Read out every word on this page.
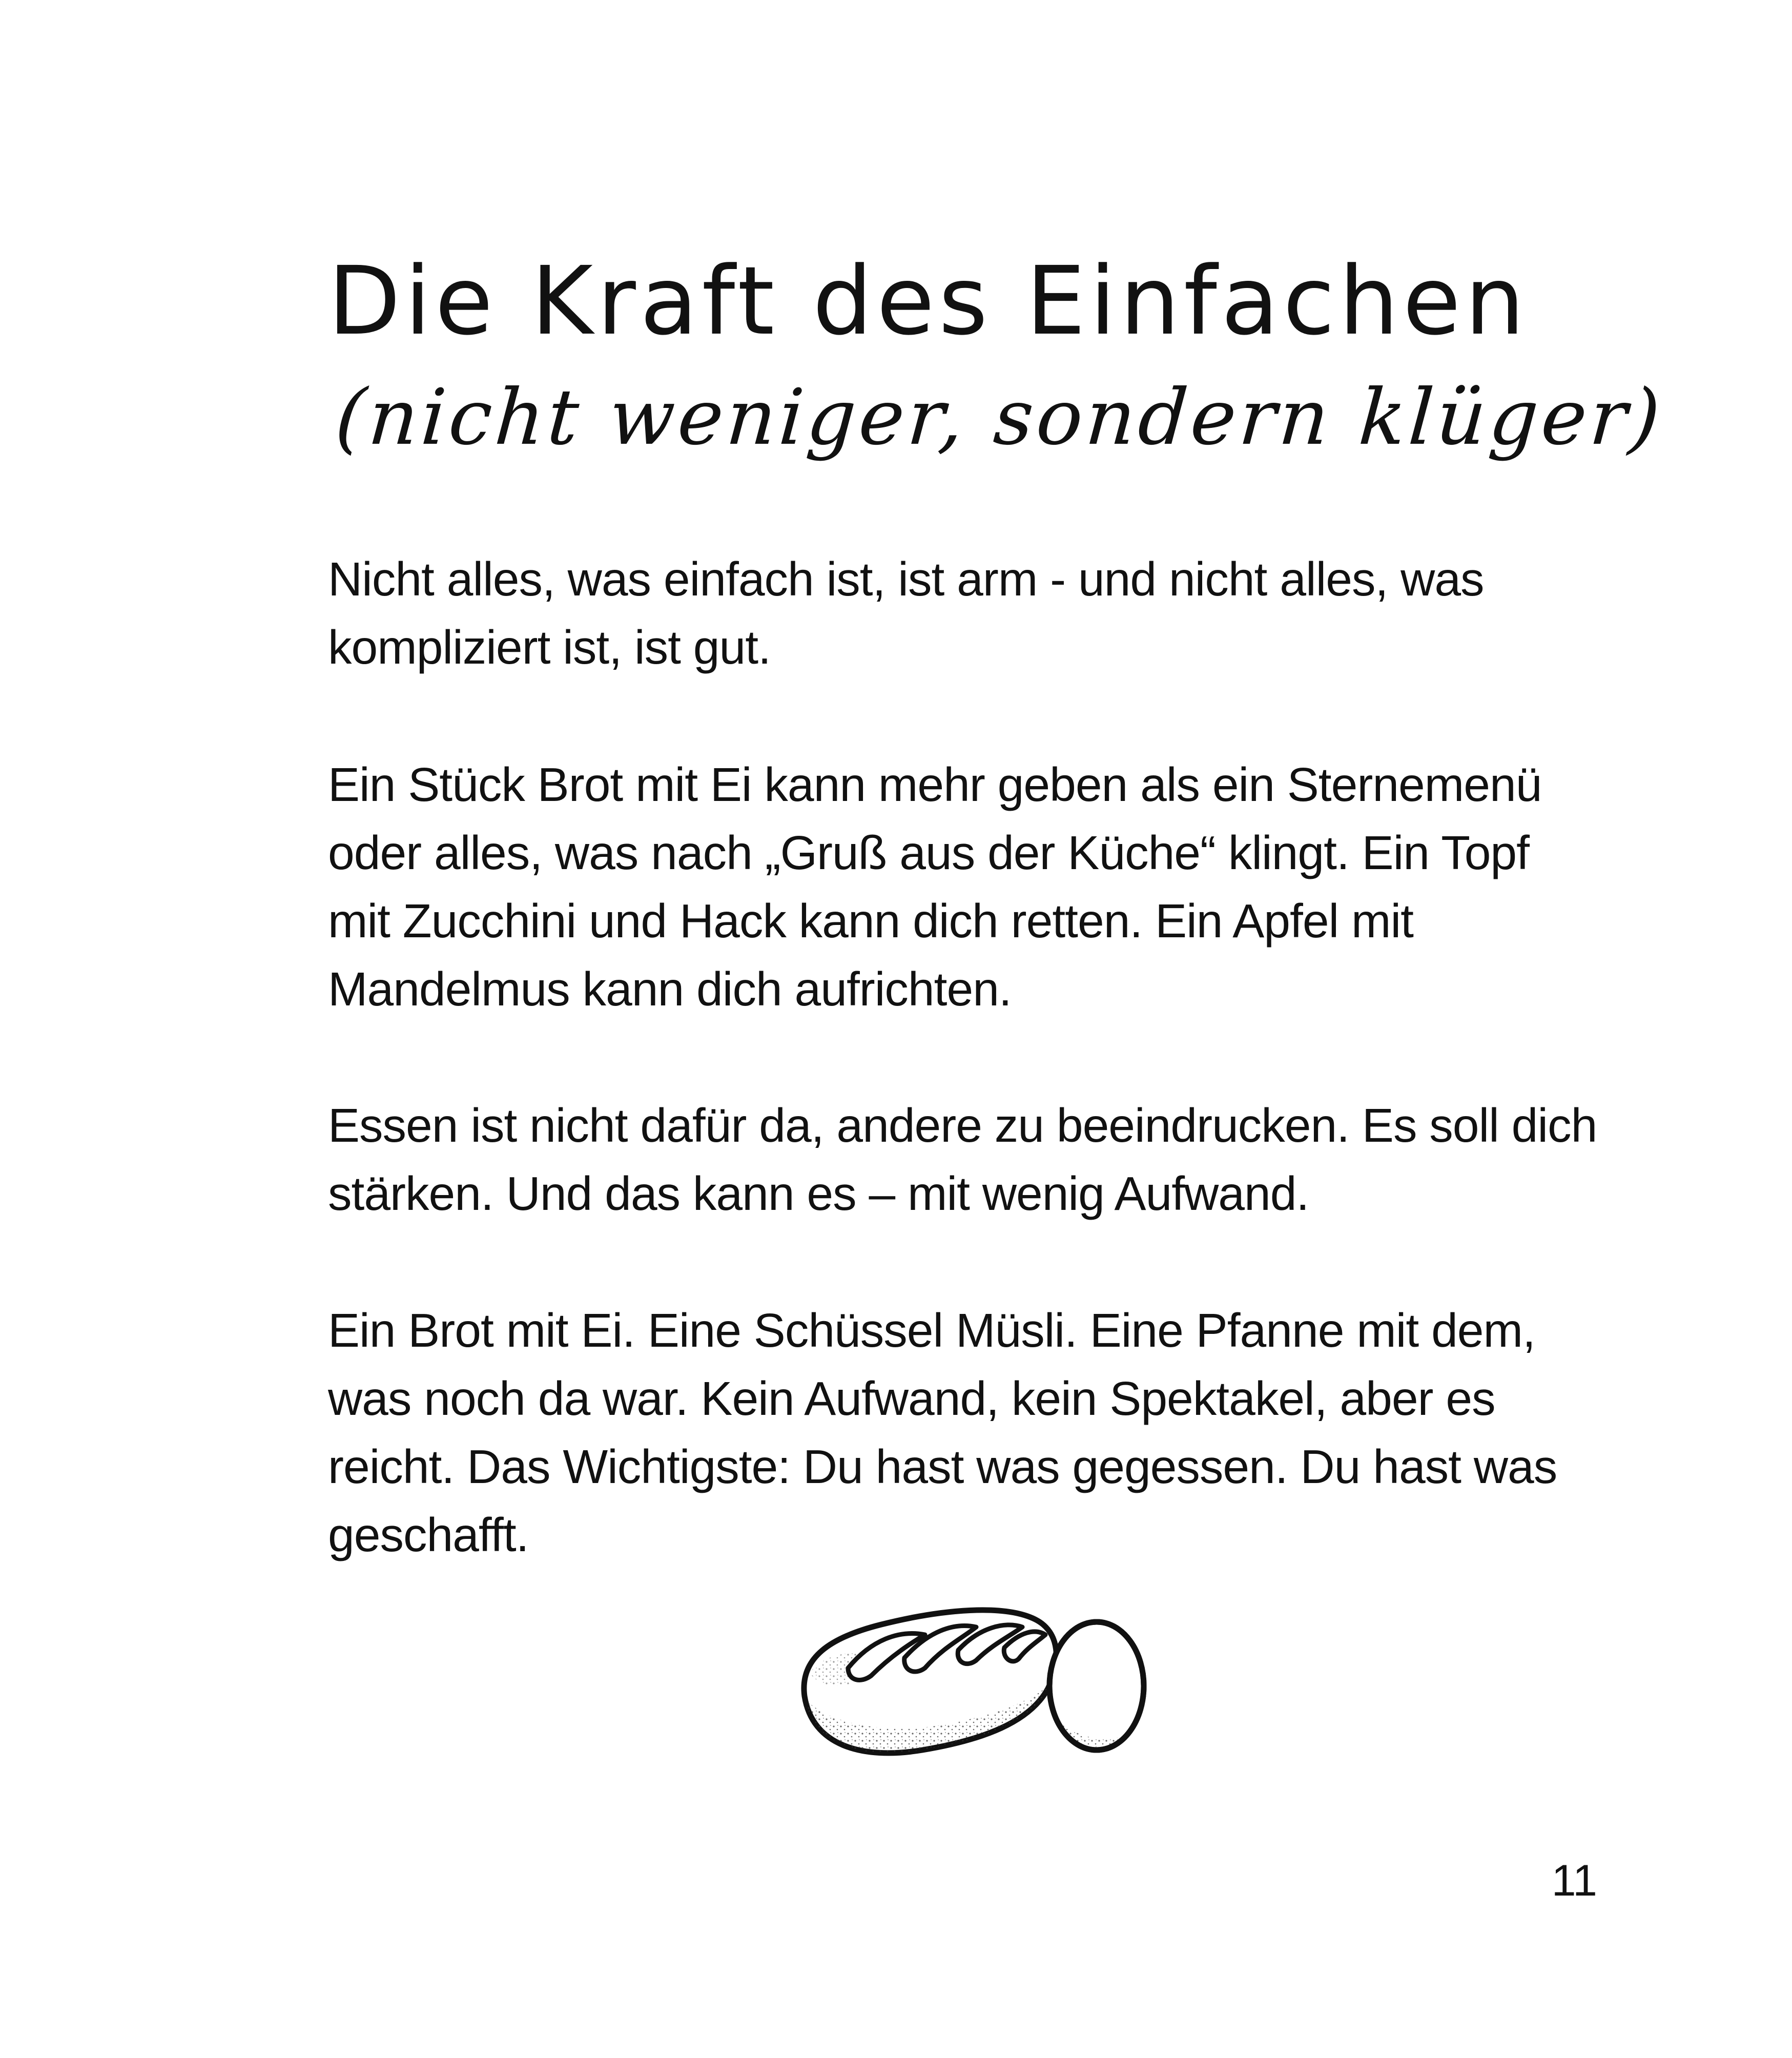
Die Kraft des Einfachen
(nicht weniger, sondern klüger)

Nicht alles, was einfach ist, ist arm - und nicht alles, was kompliziert ist, ist gut.

Ein Stück Brot mit Ei kann mehr geben als ein Sternemenü oder alles, was nach „Gruß aus der Küche“ klingt. Ein Topf mit Zucchini und Hack kann dich retten. Ein Apfel mit Mandelmus kann dich aufrichten.

Essen ist nicht dafür da, andere zu beeindrucken. Es soll dich stärken. Und das kann es – mit wenig Aufwand.

Ein Brot mit Ei. Eine Schüssel Müsli. Eine Pfanne mit dem, was noch da war. Kein Aufwand, kein Spektakel, aber es reicht. Das Wichtigste: Du hast was gegessen. Du hast was geschafft.

11
